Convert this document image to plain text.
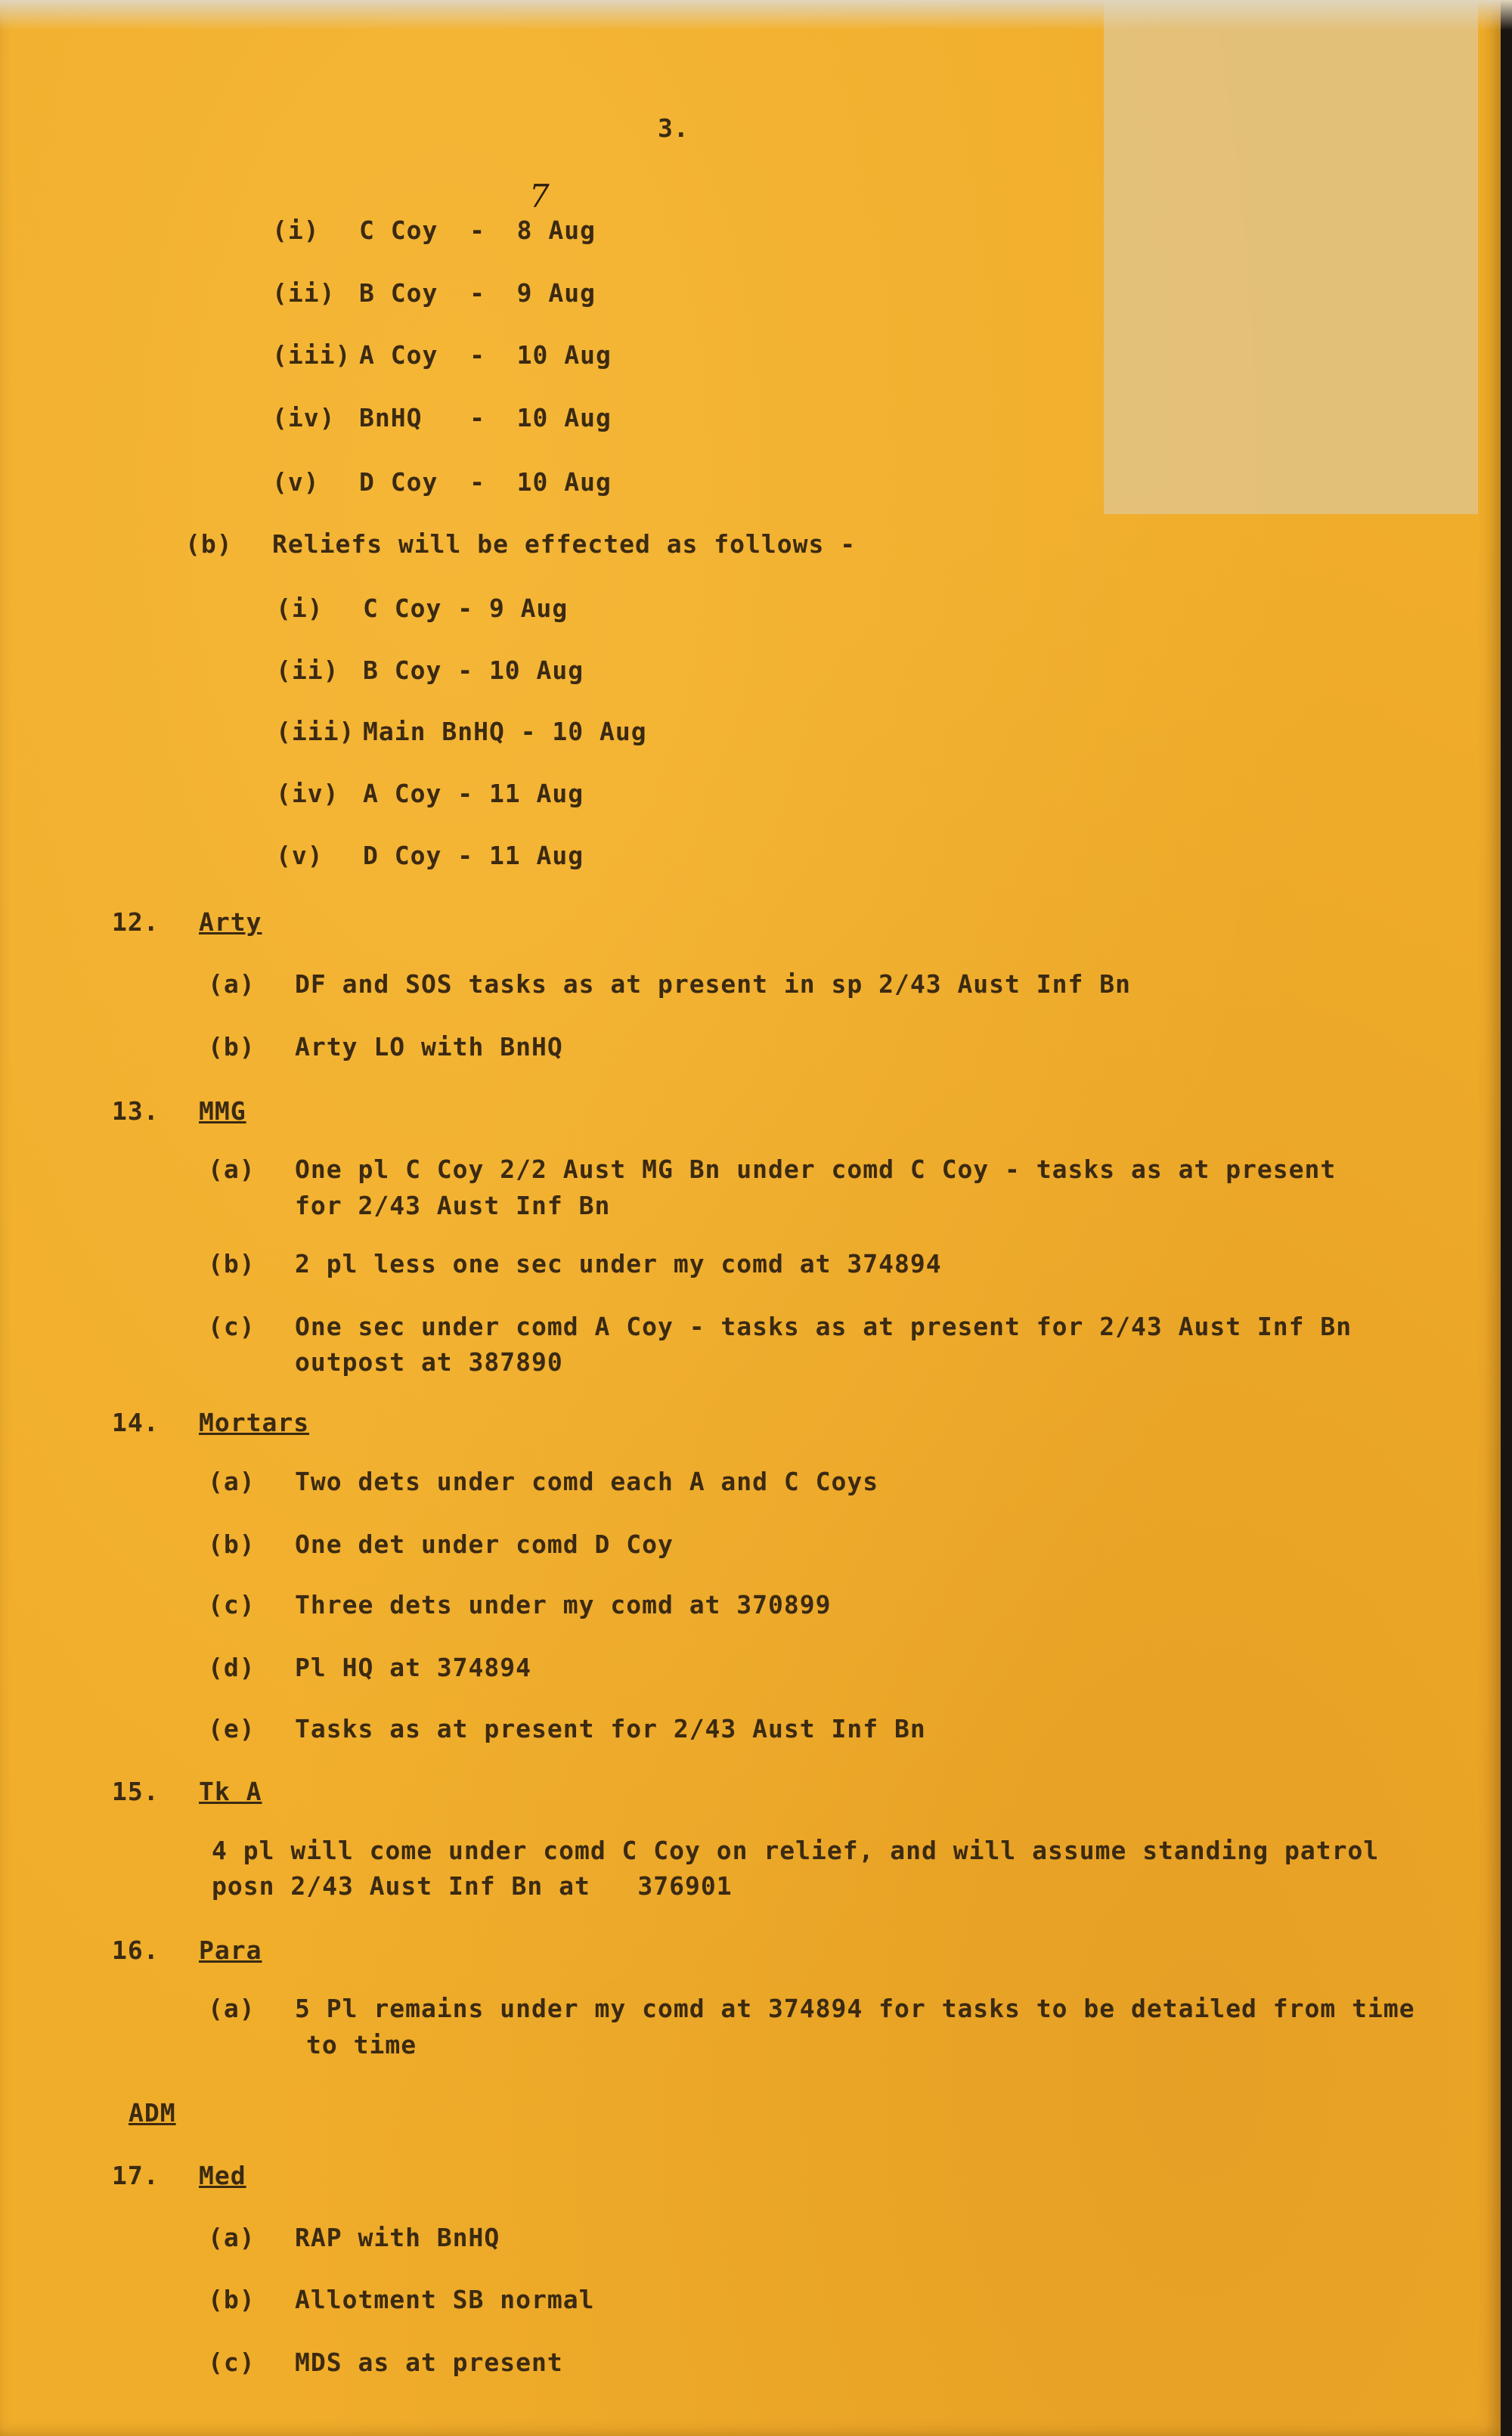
3.
7
(i) C Coy  -  8 Aug
(ii) B Coy  -  9 Aug
(iii) A Coy  -  10 Aug
(iv) BnHQ   -  10 Aug
(v) D Coy  -  10 Aug
(b) Reliefs will be effected as follows -
(i) C Coy - 9 Aug
(ii) B Coy - 10 Aug
(iii) Main BnHQ - 10 Aug
(iv) A Coy - 11 Aug
(v) D Coy - 11 Aug
12. Arty
(a) DF and SOS tasks as at present in sp 2/43 Aust Inf Bn
(b) Arty LO with BnHQ
13. MMG
(a) One pl C Coy 2/2 Aust MG Bn under comd C Coy - tasks as at present
for 2/43 Aust Inf Bn
(b) 2 pl less one sec under my comd at 374894
(c) One sec under comd A Coy - tasks as at present for 2/43 Aust Inf Bn
outpost at 387890
14. Mortars
(a) Two dets under comd each A and C Coys
(b) One det under comd D Coy
(c) Three dets under my comd at 370899
(d) Pl HQ at 374894
(e) Tasks as at present for 2/43 Aust Inf Bn
15. Tk A
4 pl will come under comd C Coy on relief, and will assume standing patrol
posn 2/43 Aust Inf Bn at   376901
16. Para
(a) 5 Pl remains under my comd at 374894 for tasks to be detailed from time
to time
ADM
17. Med
(a) RAP with BnHQ
(b) Allotment SB normal
(c) MDS as at present
